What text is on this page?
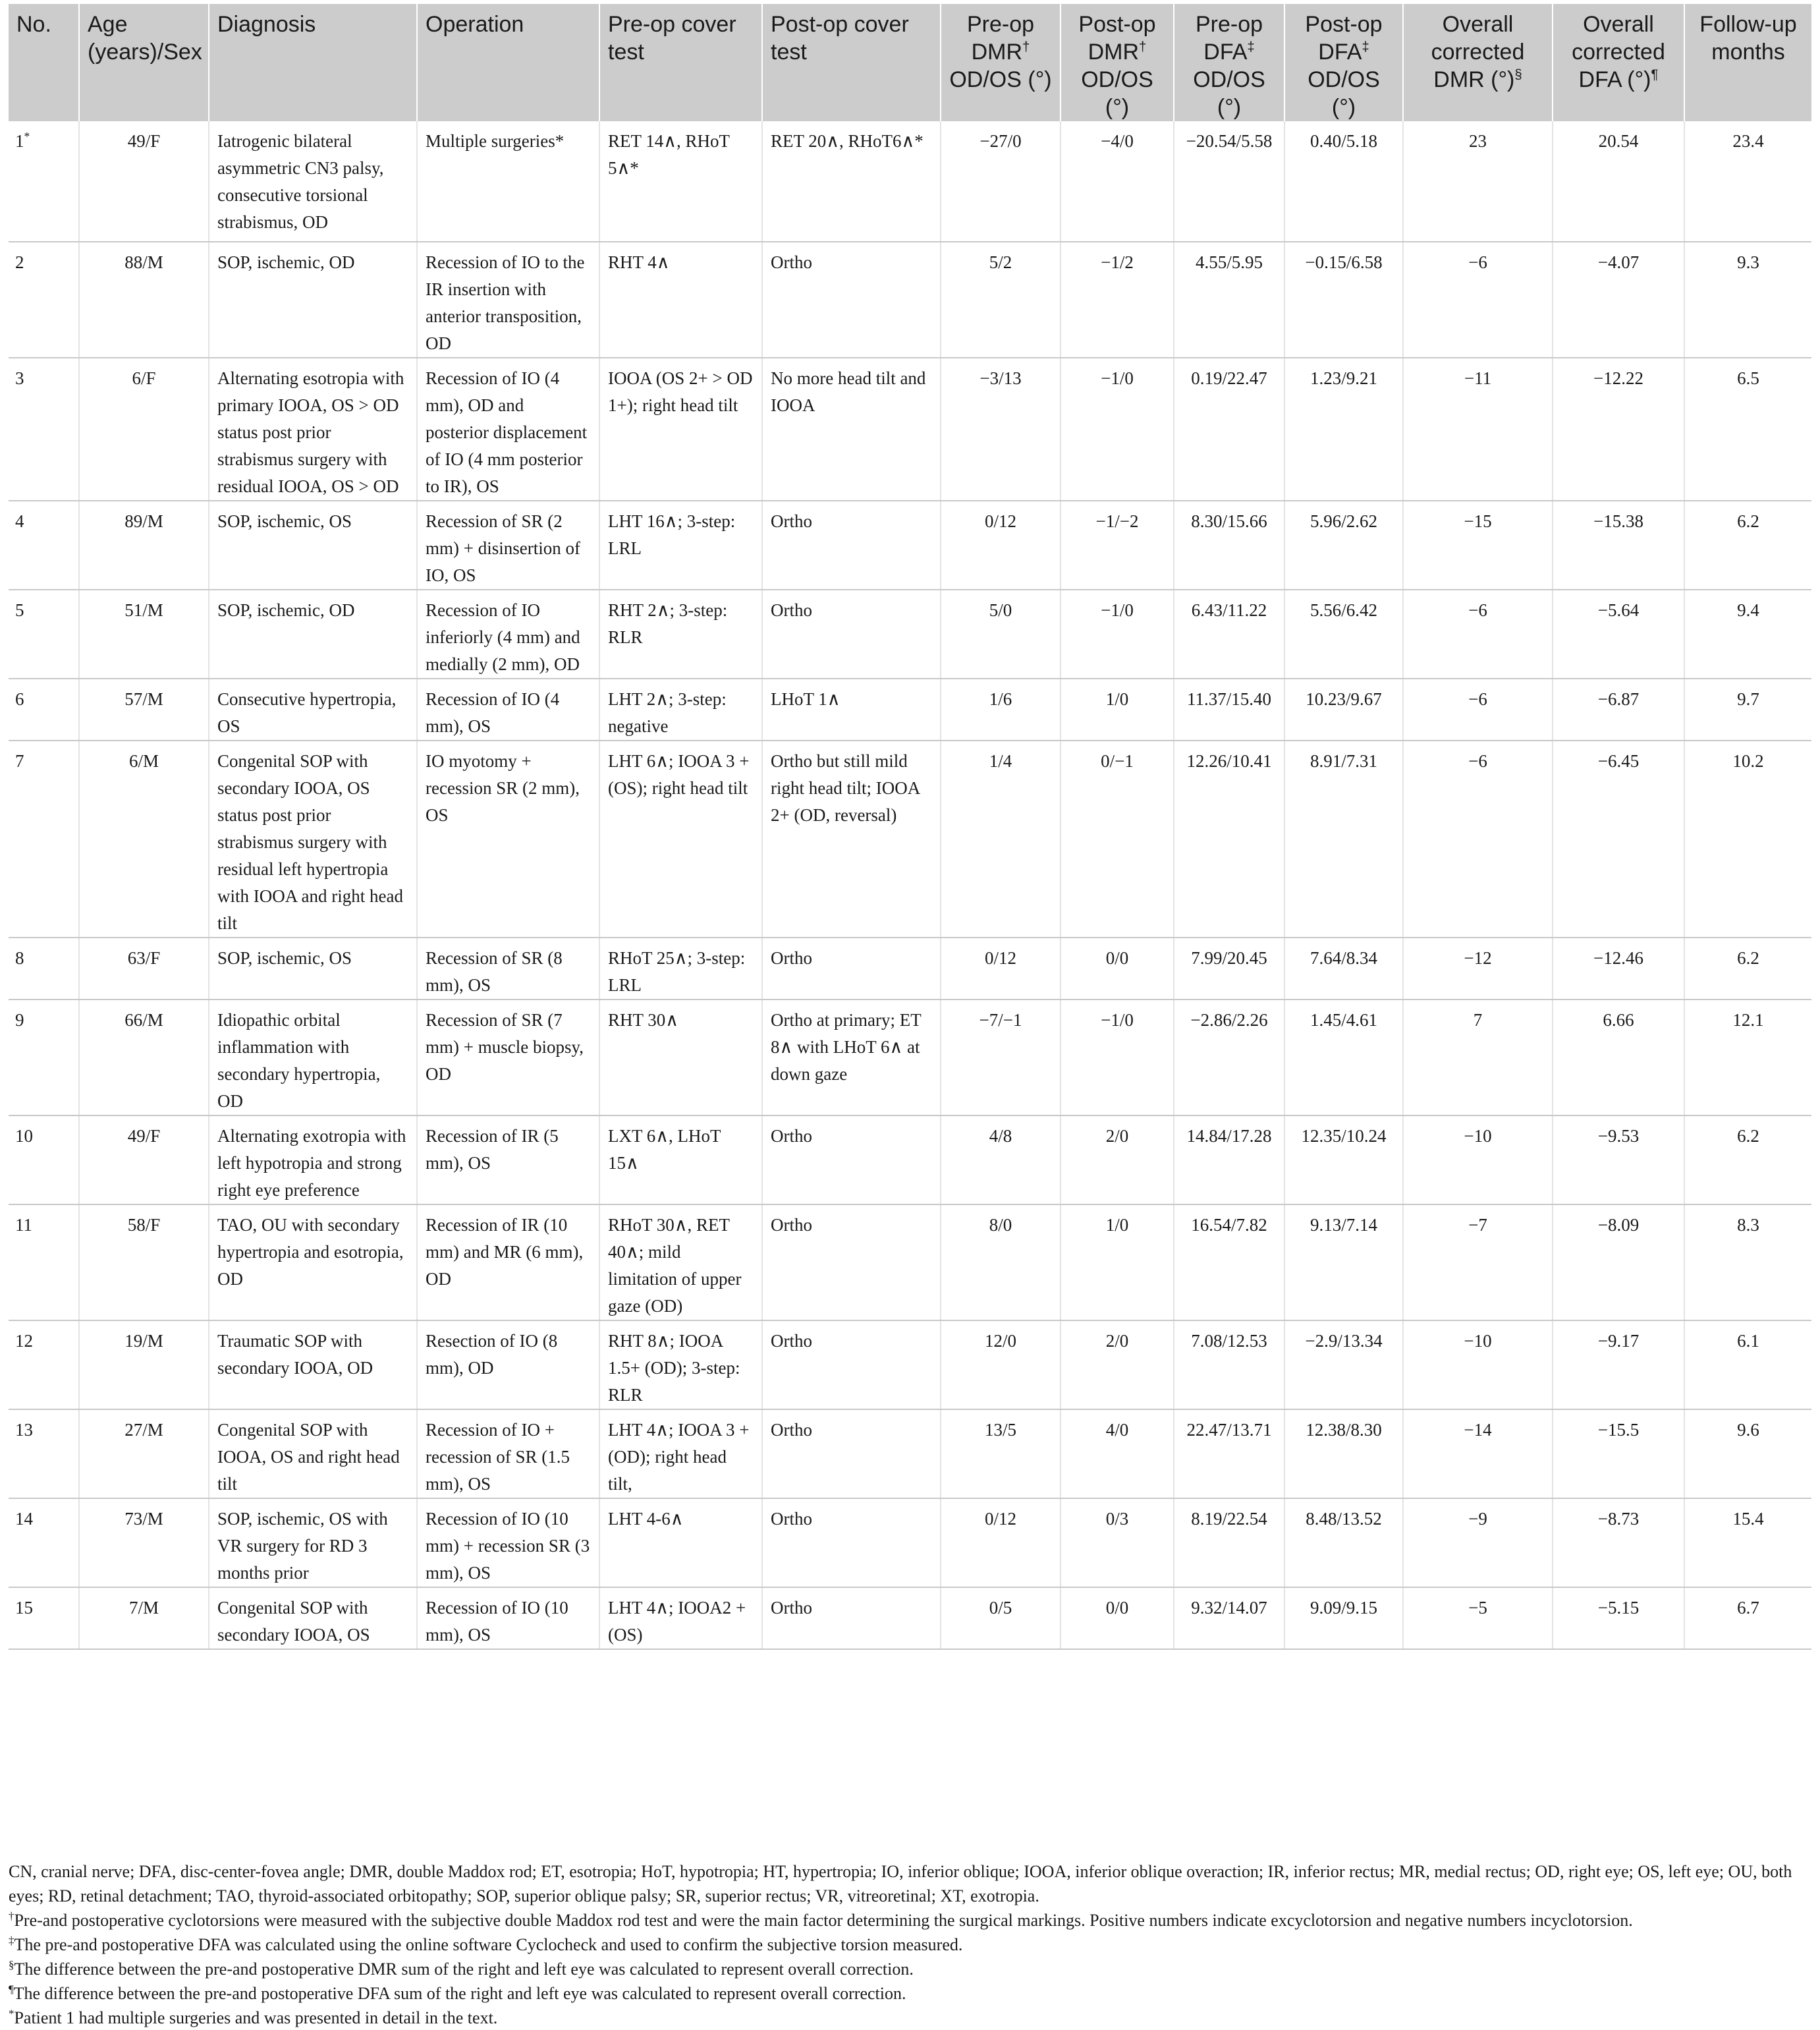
No.	Age (years)/Sex	Diagnosis	Operation	Pre-op cover test	Post-op cover test	Pre-op DMR† OD/OS (°)	Post-op DMR† OD/OS (°)	Pre-op DFA‡ OD/OS (°)	Post-op DFA‡ OD/OS (°)	Overall corrected DMR (°)§	Overall corrected DFA (°)¶	Follow-up months
1*	49/F	Iatrogenic bilateral asymmetric CN3 palsy, consecutive torsional strabismus, OD	Multiple surgeries*	RET 14∧, RHoT 5∧*	RET 20∧, RHoT6∧*	−27/0	−4/0	−20.54/5.58	0.40/5.18	23	20.54	23.4
2	88/M	SOP, ischemic, OD	Recession of IO to the IR insertion with anterior transposition, OD	RHT 4∧	Ortho	5/2	−1/2	4.55/5.95	−0.15/6.58	−6	−4.07	9.3
3	6/F	Alternating esotropia with primary IOOA, OS > OD status post prior strabismus surgery with residual IOOA, OS > OD	Recession of IO (4 mm), OD and posterior displacement of IO (4 mm posterior to IR), OS	IOOA (OS 2+ > OD 1+); right head tilt	No more head tilt and IOOA	−3/13	−1/0	0.19/22.47	1.23/9.21	−11	−12.22	6.5
4	89/M	SOP, ischemic, OS	Recession of SR (2 mm) + disinsertion of IO, OS	LHT 16∧; 3-step: LRL	Ortho	0/12	−1/−2	8.30/15.66	5.96/2.62	−15	−15.38	6.2
5	51/M	SOP, ischemic, OD	Recession of IO inferiorly (4 mm) and medially (2 mm), OD	RHT 2∧; 3-step: RLR	Ortho	5/0	−1/0	6.43/11.22	5.56/6.42	−6	−5.64	9.4
6	57/M	Consecutive hypertropia, OS	Recession of IO (4 mm), OS	LHT 2∧; 3-step: negative	LHoT 1∧	1/6	1/0	11.37/15.40	10.23/9.67	−6	−6.87	9.7
7	6/M	Congenital SOP with secondary IOOA, OS status post prior strabismus surgery with residual left hypertropia with IOOA and right head tilt	IO myotomy + recession SR (2 mm), OS	LHT 6∧; IOOA 3 + (OS); right head tilt	Ortho but still mild right head tilt; IOOA 2+ (OD, reversal)	1/4	0/−1	12.26/10.41	8.91/7.31	−6	−6.45	10.2
8	63/F	SOP, ischemic, OS	Recession of SR (8 mm), OS	RHoT 25∧; 3-step: LRL	Ortho	0/12	0/0	7.99/20.45	7.64/8.34	−12	−12.46	6.2
9	66/M	Idiopathic orbital inflammation with secondary hypertropia, OD	Recession of SR (7 mm) + muscle biopsy, OD	RHT 30∧	Ortho at primary; ET 8∧ with LHoT 6∧ at down gaze	−7/−1	−1/0	−2.86/2.26	1.45/4.61	7	6.66	12.1
10	49/F	Alternating exotropia with left hypotropia and strong right eye preference	Recession of IR (5 mm), OS	LXT 6∧, LHoT 15∧	Ortho	4/8	2/0	14.84/17.28	12.35/10.24	−10	−9.53	6.2
11	58/F	TAO, OU with secondary hypertropia and esotropia, OD	Recession of IR (10 mm) and MR (6 mm), OD	RHoT 30∧, RET 40∧; mild limitation of upper gaze (OD)	Ortho	8/0	1/0	16.54/7.82	9.13/7.14	−7	−8.09	8.3
12	19/M	Traumatic SOP with secondary IOOA, OD	Resection of IO (8 mm), OD	RHT 8∧; IOOA 1.5+ (OD); 3-step: RLR	Ortho	12/0	2/0	7.08/12.53	−2.9/13.34	−10	−9.17	6.1
13	27/M	Congenital SOP with IOOA, OS and right head tilt	Recession of IO + recession of SR (1.5 mm), OS	LHT 4∧; IOOA 3 + (OD); right head tilt,	Ortho	13/5	4/0	22.47/13.71	12.38/8.30	−14	−15.5	9.6
14	73/M	SOP, ischemic, OS with VR surgery for RD 3 months prior	Recession of IO (10 mm) + recession SR (3 mm), OS	LHT 4-6∧	Ortho	0/12	0/3	8.19/22.54	8.48/13.52	−9	−8.73	15.4
15	7/M	Congenital SOP with secondary IOOA, OS	Recession of IO (10 mm), OS	LHT 4∧; IOOA2 + (OS)	Ortho	0/5	0/0	9.32/14.07	9.09/9.15	−5	−5.15	6.7

CN, cranial nerve; DFA, disc-center-fovea angle; DMR, double Maddox rod; ET, esotropia; HoT, hypotropia; HT, hypertropia; IO, inferior oblique; IOOA, inferior oblique overaction; IR, inferior rectus; MR, medial rectus; OD, right eye; OS, left eye; OU, both eyes; RD, retinal detachment; TAO, thyroid-associated orbitopathy; SOP, superior oblique palsy; SR, superior rectus; VR, vitreoretinal; XT, exotropia.

†Pre-and postoperative cyclotorsions were measured with the subjective double Maddox rod test and were the main factor determining the surgical markings. Positive numbers indicate excyclotorsion and negative numbers incyclotorsion.

‡The pre-and postoperative DFA was calculated using the online software Cyclocheck and used to confirm the subjective torsion measured.

§The difference between the pre-and postoperative DMR sum of the right and left eye was calculated to represent overall correction.

¶The difference between the pre-and postoperative DFA sum of the right and left eye was calculated to represent overall correction.

*Patient 1 had multiple surgeries and was presented in detail in the text.
